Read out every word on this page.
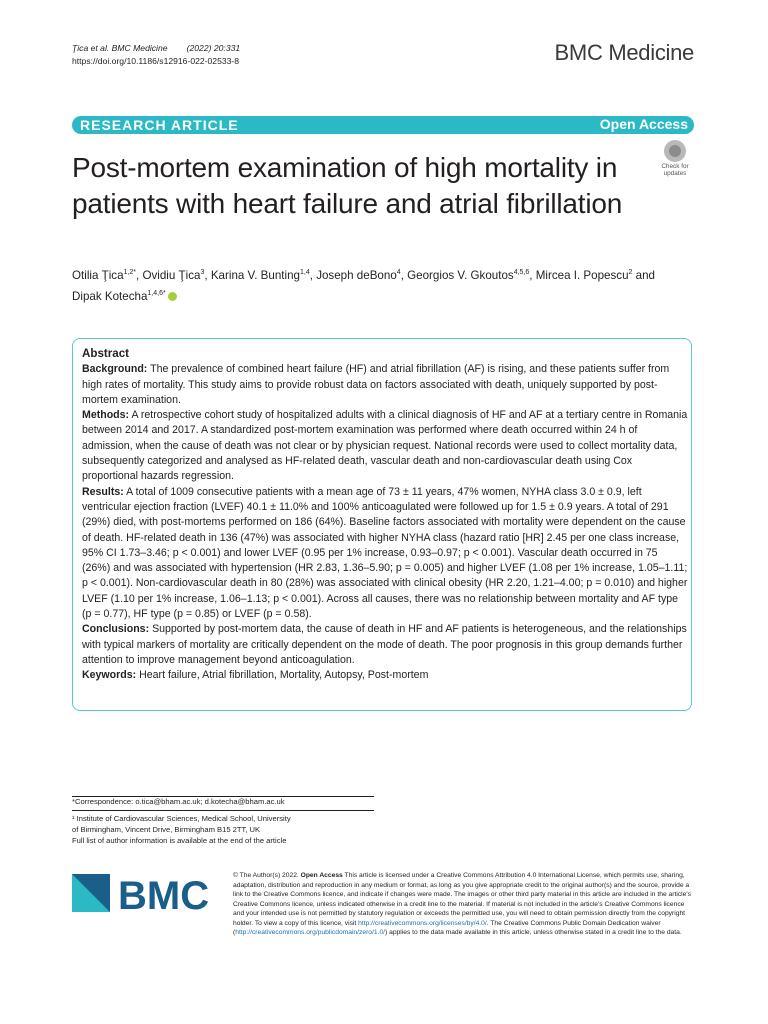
Ţica et al. BMC Medicine (2022) 20:331
https://doi.org/10.1186/s12916-022-02533-8	BMC Medicine
RESEARCH ARTICLE	Open Access
Post-mortem examination of high mortality in patients with heart failure and atrial fibrillation
Check for
updates
Otilia Ţica$^{1,2*}$, Ovidiu Ţica$^3$, Karina V. Bunting$^{1,4}$, Joseph deBono$^4$, Georgios V. Gkoutos$^{4,5,6}$, Mircea I. Popescu$^2$ and
Dipak Kotecha$^{1,4,6*}$
Abstract

Background: The prevalence of combined heart failure (HF) and atrial fibrillation (AF) is rising, and these patients suffer from high rates of mortality. This study aims to provide robust data on factors associated with death, uniquely supported by post-mortem examination.

Methods: A retrospective cohort study of hospitalized adults with a clinical diagnosis of HF and AF at a tertiary centre in Romania between 2014 and 2017. A standardized post-mortem examination was performed where death occurred within 24 h of admission, when the cause of death was not clear or by physician request. National records were used to collect mortality data, subsequently categorized and analysed as HF-related death, vascular death and non-cardiovascular death using Cox proportional hazards regression.

Results: A total of 1009 consecutive patients with a mean age of 73 ± 11 years, 47% women, NYHA class 3.0 ± 0.9, left ventricular ejection fraction (LVEF) 40.1 ± 11.0% and 100% anticoagulated were followed up for 1.5 ± 0.9 years. A total of 291 (29%) died, with post-mortems performed on 186 (64%). Baseline factors associated with mortality were dependent on the cause of death. HF-related death in 136 (47%) was associated with higher NYHA class (hazard ratio [HR] 2.45 per one class increase, 95% CI 1.73–3.46; p < 0.001) and lower LVEF (0.95 per 1% increase, 0.93–0.97; p < 0.001). Vascular death occurred in 75 (26%) and was associated with hypertension (HR 2.83, 1.36–5.90; p = 0.005) and higher LVEF (1.08 per 1% increase, 1.05–1.11; p < 0.001). Non-cardiovascular death in 80 (28%) was associated with clinical obesity (HR 2.20, 1.21–4.00; p = 0.010) and higher LVEF (1.10 per 1% increase, 1.06–1.13; p < 0.001). Across all causes, there was no relationship between mortality and AF type (p = 0.77), HF type (p = 0.85) or LVEF (p = 0.58).

Conclusions: Supported by post-mortem data, the cause of death in HF and AF patients is heterogeneous, and the relationships with typical markers of mortality are critically dependent on the mode of death. The poor prognosis in this group demands further attention to improve management beyond anticoagulation.

Keywords: Heart failure, Atrial fibrillation, Mortality, Autopsy, Post-mortem

*Correspondence: o.tica@bham.ac.uk; d.kotecha@bham.ac.uk
¹ Institute of Cardiovascular Sciences, Medical School, University
of Birmingham, Vincent Drive, Birmingham B15 2TT, UK
Full list of author information is available at the end of the article
BMC	© The Author(s) 2022. Open Access This article is licensed under a Creative Commons Attribution 4.0 International License, which permits use, sharing, adaptation, distribution and reproduction in any medium or format, as long as you give appropriate credit to the original author(s) and the source, provide a link to the Creative Commons licence, and indicate if changes were made. The images or other third party material in this article are included in the article's Creative Commons licence, unless indicated otherwise in a credit line to the material. If material is not included in the article's Creative Commons licence and your intended use is not permitted by statutory regulation or exceeds the permitted use, you will need to obtain permission directly from the copyright holder. To view a copy of this licence, visit http://creativecommons.org/licenses/by/4.0/. The Creative Commons Public Domain Dedication waiver (http://creativecommons.org/publicdomain/zero/1.0/) applies to the data made available in this article, unless otherwise stated in a credit line to the data.
